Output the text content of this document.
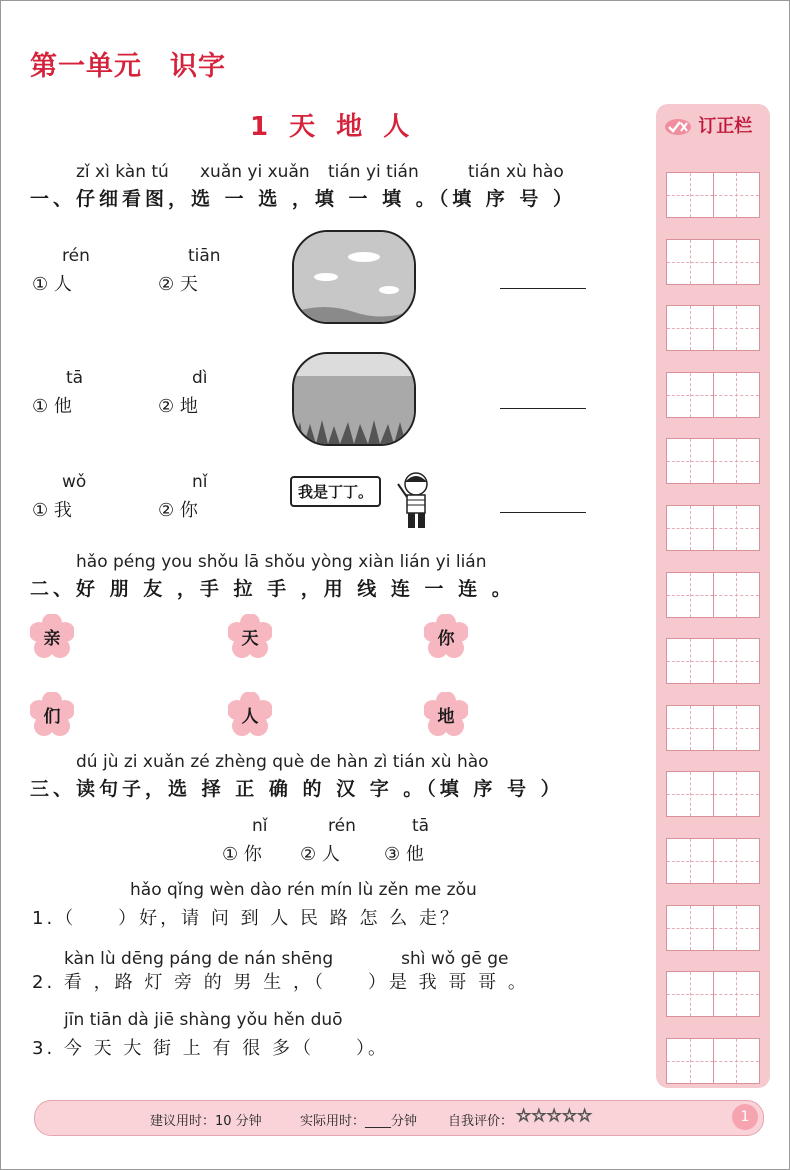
第一单元　识字
1 天 地 人
zǐ xì kàn tú xuǎn yi xuǎn tián yi tián	tián xù hào
一、仔细看图，选 一 选 ，填 一 填 。（填 序 号 ）
rén
① 人
tiān
② 天
tā
① 他
dì
② 地
wǒ
① 我
nǐ
② 你
我是丁丁。
hǎo péng you shǒu lā shǒu yòng xiàn lián yi lián
二、好 朋 友 ，手 拉 手 ，用 线 连 一 连 。
亲	天	你
们	人	地
dú jù zi xuǎn zé zhèng què de hàn zì tián xù hào
三、读句子，选 择 正 确 的 汉 字 。（填 序 号 ）
nǐ	rén	tā
① 你 ② 人 ③ 他
hǎo qǐng wèn dào rén mín lù zěn me zǒu
1.（　　）好，请 问 到 人 民 路 怎 么 走？
kàn lù dēng páng de nán shēng　　　　shì wǒ gē ge
2. 看 ，路 灯 旁 的 男 生 ，（　　）是 我 哥 哥 。
jīn tiān dà jiē shàng yǒu hěn duō
3. 今 天 大 街 上 有 很 多（　　）。
订正栏
建议用时：10 分钟	实际用时：____分钟 自我评价： ☆☆☆☆☆	1
